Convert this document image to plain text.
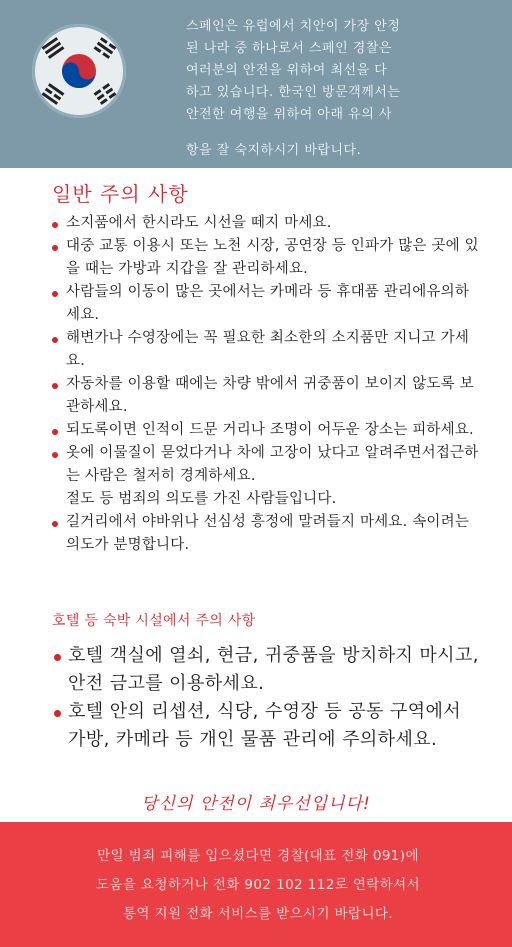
스페인은 유럽에서 치안이 가장 안정
된 나라 중 하나로서 스페인 경찰은
여러분의 안전을 위하여 최선을 다
하고 있습니다. 한국인 방문객께서는
안전한 여행을 위하여 아래 유의 사
항을 잘 숙지하시기 바랍니다.
일반 주의 사항
소지품에서 한시라도 시선을 떼지 마세요.
대중 교통 이용시 또는 노천 시장, 공연장 등 인파가 많은 곳에 있을 때는 가방과 지갑을 잘 관리하세요.
사람들의 이동이 많은 곳에서는 카메라 등 휴대품 관리에유의하세요.
해변가나 수영장에는 꼭 필요한 최소한의 소지품만 지니고 가세요.
자동차를 이용할 때에는 차량 밖에서 귀중품이 보이지 않도록 보관하세요.
되도록이면 인적이 드문 거리나 조명이 어두운 장소는 피하세요.
옷에 이물질이 묻었다거나 차에 고장이 났다고 알려주면서접근하는 사람은 철저히 경계하세요.
절도 등 범죄의 의도를 가진 사람들입니다.
길거리에서 야바위나 선심성 흥정에 말려들지 마세요. 속이려는 의도가 분명합니다.
호텔 등 숙박 시설에서 주의 사항
호텔 객실에 열쇠, 현금, 귀중품을 방치하지 마시고, 안전 금고를 이용하세요.
호텔 안의 리셉션, 식당, 수영장 등 공동 구역에서 가방, 카메라 등 개인 물품 관리에 주의하세요.
당신의 안전이 최우선입니다!
만일 범죄 피해를 입으셨다면 경찰(대표 전화 091)에
도움을 요청하거나 전화 902 102 112로 연락하셔서
통역 지원 전화 서비스를 받으시기 바랍니다.
